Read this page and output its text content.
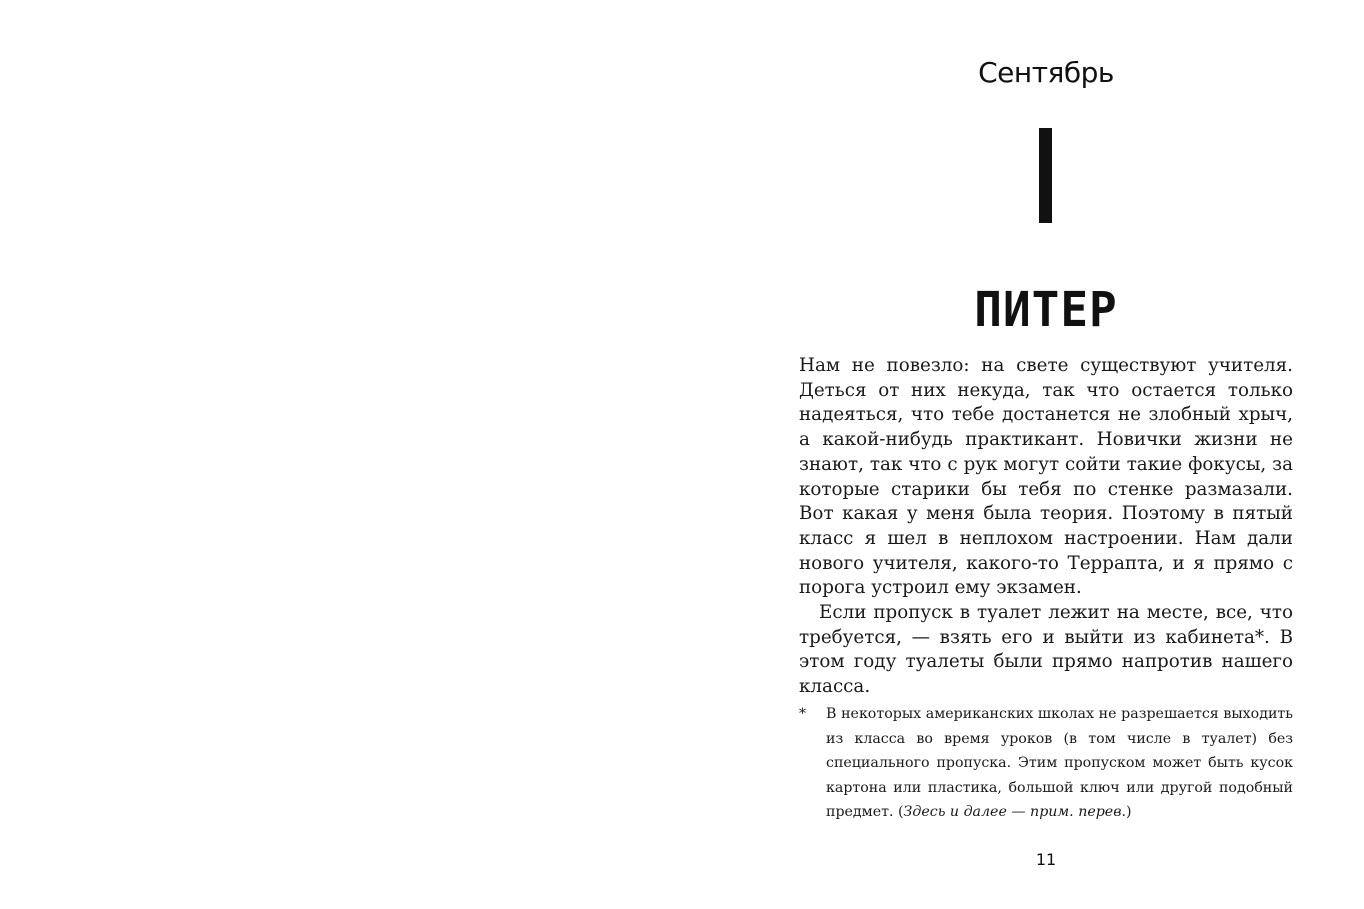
Сентябрь
ПИТЕР

Нам не повезло: на свете существуют учителя. Деться от них некуда, так что остается только надеяться, что тебе достанется не злобный хрыч, а какой-нибудь практикант. Новички жизни не знают, так что с рук могут сойти такие фокусы, за которые старики бы тебя по стенке размазали. Вот какая у меня была теория. Поэтому в пятый класс я шел в неплохом настроении. Нам дали нового учителя, какого-то Террапта, и я прямо с порога устроил ему экзамен.

Если пропуск в туалет лежит на месте, все, что требуется, — взять его и выйти из кабинета*. В этом году туалеты были прямо напротив нашего класса.

* В некоторых американских школах не разрешается выходить из класса во время уроков (в том числе в туалет) без специального пропуска. Этим пропуском может быть кусок картона или пластика, большой ключ или другой подобный предмет. (Здесь и далее — прим. перев.)
11
